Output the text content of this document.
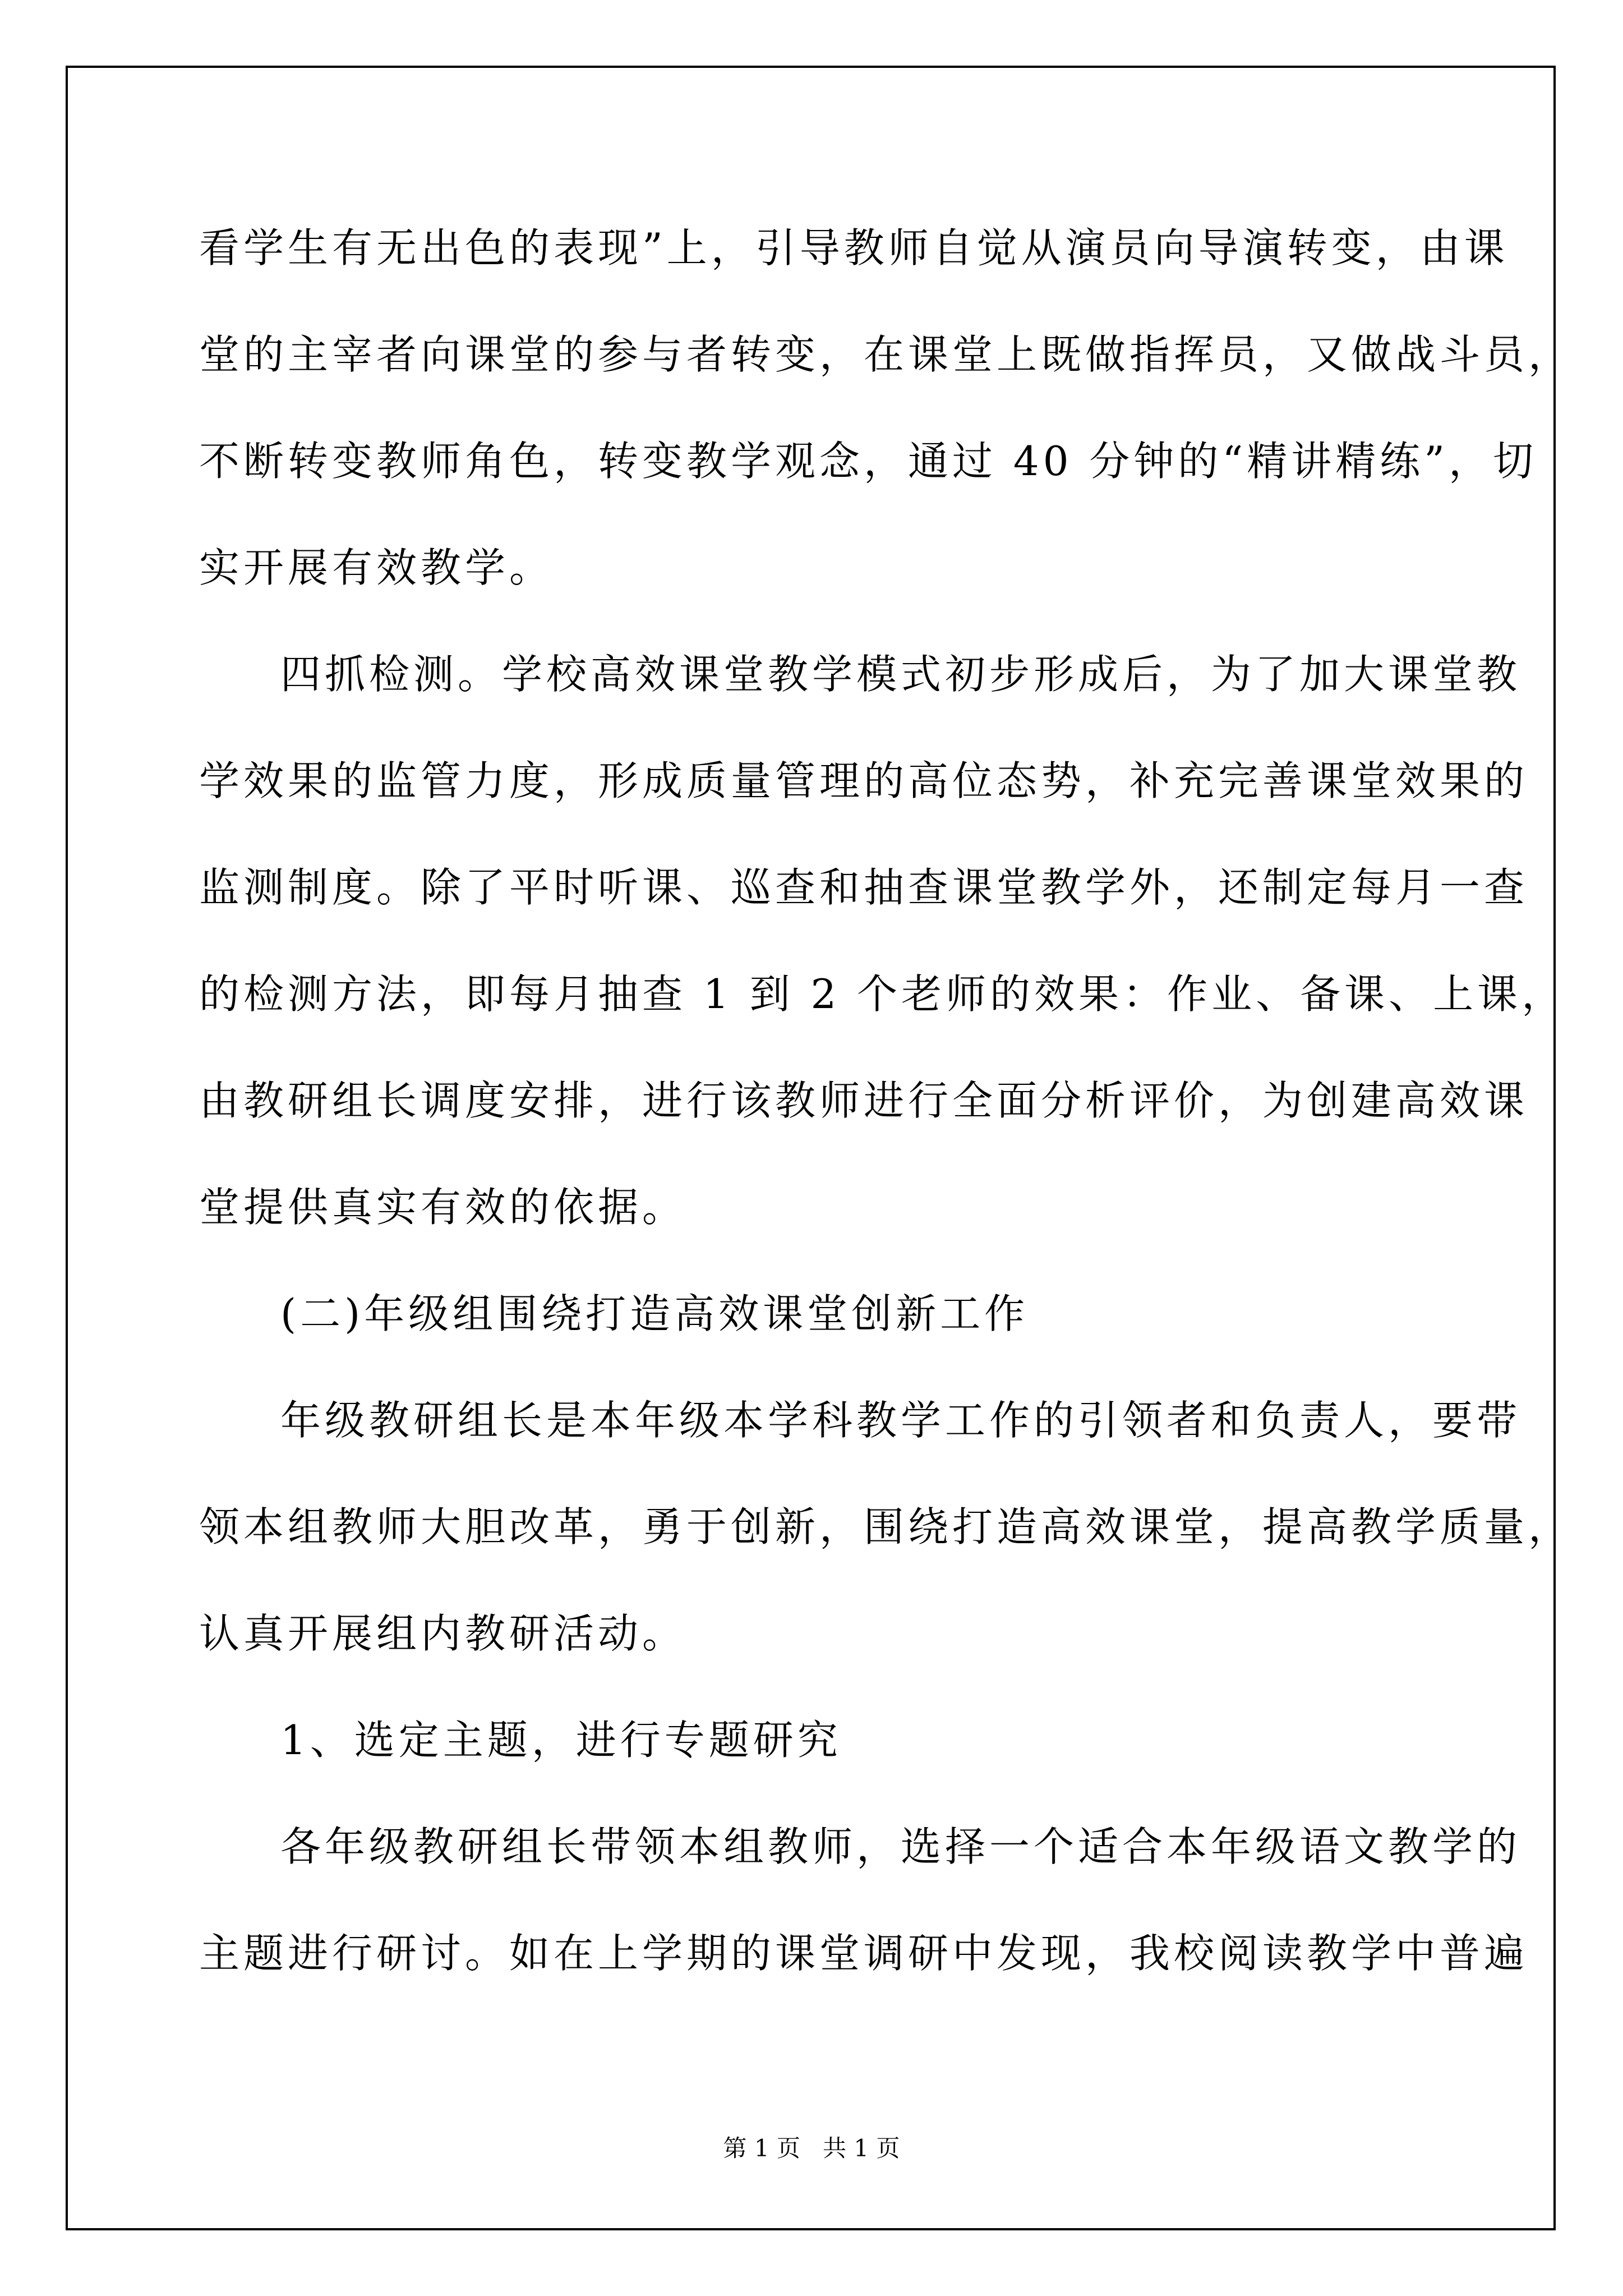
看学生有无出色的表现”上，引导教师自觉从演员向导演转变，由课

堂的主宰者向课堂的参与者转变，在课堂上既做指挥员，又做战斗员，

不断转变教师角色，转变教学观念，通过 40 分钟的“精讲精练”，切

实开展有效教学。

四抓检测。学校高效课堂教学模式初步形成后，为了加大课堂教

学效果的监管力度，形成质量管理的高位态势，补充完善课堂效果的

监测制度。除了平时听课、巡查和抽查课堂教学外，还制定每月一查

的检测方法，即每月抽查 1 到 2 个老师的效果：作业、备课、上课，

由教研组长调度安排，进行该教师进行全面分析评价，为创建高效课

堂提供真实有效的依据。

(二)年级组围绕打造高效课堂创新工作

年级教研组长是本年级本学科教学工作的引领者和负责人，要带

领本组教师大胆改革，勇于创新，围绕打造高效课堂，提高教学质量，

认真开展组内教研活动。

1、选定主题，进行专题研究

各年级教研组长带领本组教师，选择一个适合本年级语文教学的

主题进行研讨。如在上学期的课堂调研中发现，我校阅读教学中普遍

第 1 页   共 1 页
